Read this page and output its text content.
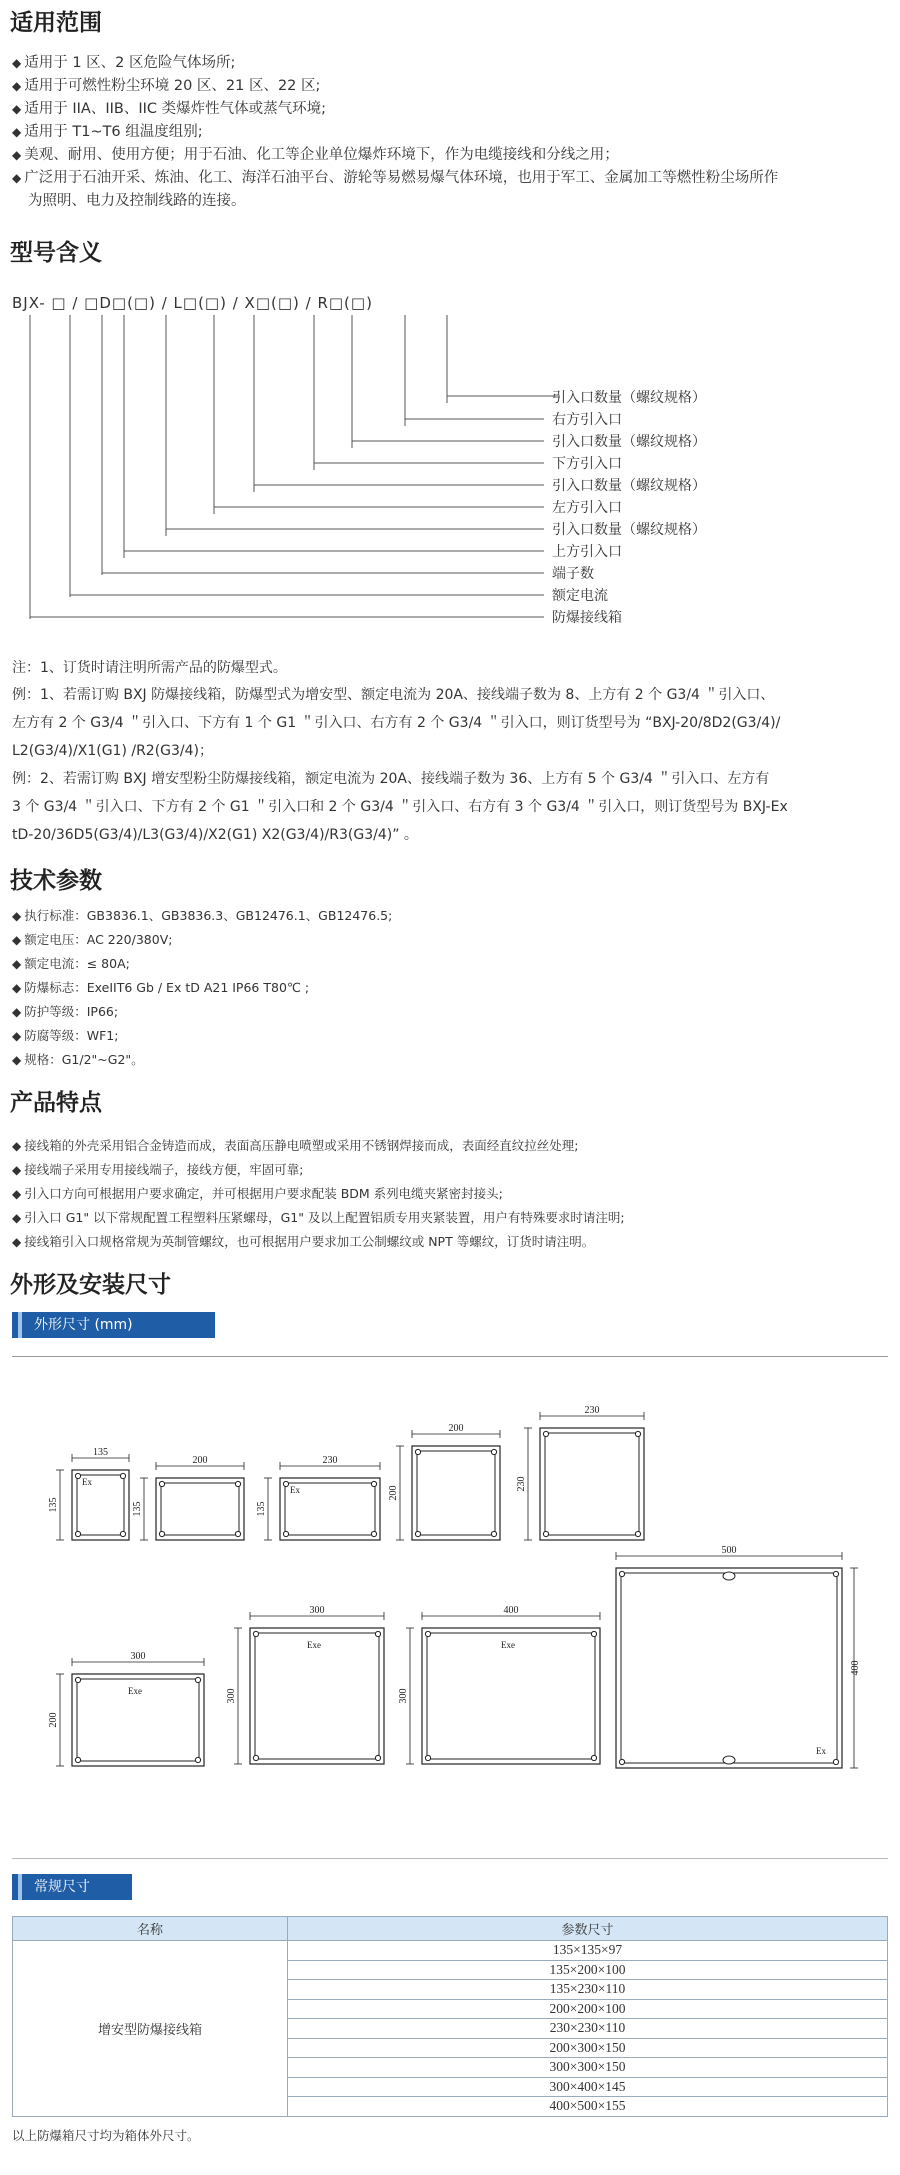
适用范围
◆ 适用于 1 区、2 区危险气体场所;
◆ 适用于可燃性粉尘环境 20 区、21 区、22 区;
◆ 适用于 IIA、IIB、IIC 类爆炸性气体或蒸气环境;
◆ 适用于 T1~T6 组温度组别;
◆ 美观、耐用、使用方便；用于石油、化工等企业单位爆炸环境下，作为电缆接线和分线之用；
◆ 广泛用于石油开采、炼油、化工、海洋石油平台、游轮等易燃易爆气体环境，也用于军工、金属加工等燃性粉尘场所作
为照明、电力及控制线路的连接。
型号含义
BJX- □ / □D□(□) / L□(□) / X□(□) / R□(□)
引入口数量（螺纹规格）
右方引入口
引入口数量（螺纹规格）
下方引入口
引入口数量（螺纹规格）
左方引入口
引入口数量（螺纹规格）
上方引入口
端子数
额定电流
防爆接线箱
注：1、订货时请注明所需产品的防爆型式。
例：1、若需订购 BXJ 防爆接线箱，防爆型式为增安型、额定电流为 20A、接线端子数为 8、上方有 2 个 G3/4 ＂引入口、
左方有 2 个 G3/4 ＂引入口、下方有 1 个 G1 ＂引入口、右方有 2 个 G3/4 ＂引入口，则订货型号为 “BXJ-20/8D2(G3/4)/
L2(G3/4)/X1(G1) /R2(G3/4)；
例：2、若需订购 BXJ 增安型粉尘防爆接线箱，额定电流为 20A、接线端子数为 36、上方有 5 个 G3/4 ＂引入口、左方有
3 个 G3/4 ＂引入口、下方有 2 个 G1 ＂引入口和 2 个 G3/4 ＂引入口、右方有 3 个 G3/4 ＂引入口，则订货型号为 BXJ-Ex
tD-20/36D5(G3/4)/L3(G3/4)/X2(G1) X2(G3/4)/R3(G3/4)” 。
技术参数
◆ 执行标准：GB3836.1、GB3836.3、GB12476.1、GB12476.5;
◆ 额定电压：AC 220/380V;
◆ 额定电流：≤ 80A;
◆ 防爆标志：ExeIIT6 Gb / Ex tD A21 IP66 T80℃ ;
◆ 防护等级：IP66;
◆ 防腐等级：WF1;
◆ 规格：G1/2"~G2"。
产品特点
◆ 接线箱的外壳采用铝合金铸造而成，表面高压静电喷塑或采用不锈钢焊接而成，表面经直纹拉丝处理;
◆ 接线端子采用专用接线端子，接线方便，牢固可靠;
◆ 引入口方向可根据用户要求确定，并可根据用户要求配装 BDM 系列电缆夹紧密封接头;
◆ 引入口 G1" 以下常规配置工程塑料压紧螺母，G1" 及以上配置铝质专用夹紧装置，用户有特殊要求时请注明;
◆ 接线箱引入口规格常规为英制管螺纹，也可根据用户要求加工公制螺纹或 NPT 等螺纹，订货时请注明。
外形及安装尺寸
外形尺寸 (mm)
135
135
Ex
200
135
230
135
Ex
200
200
230
230
300
200
Exe
300
300
Exe
400
300
Exe
500
400
Ex
常规尺寸
名称	参数尺寸
增安型防爆接线箱	135×135×97
	135×200×100
	135×230×110
	200×200×100
	230×230×110
	200×300×150
	300×300×150
	300×400×145
	400×500×155
以上防爆箱尺寸均为箱体外尺寸。
